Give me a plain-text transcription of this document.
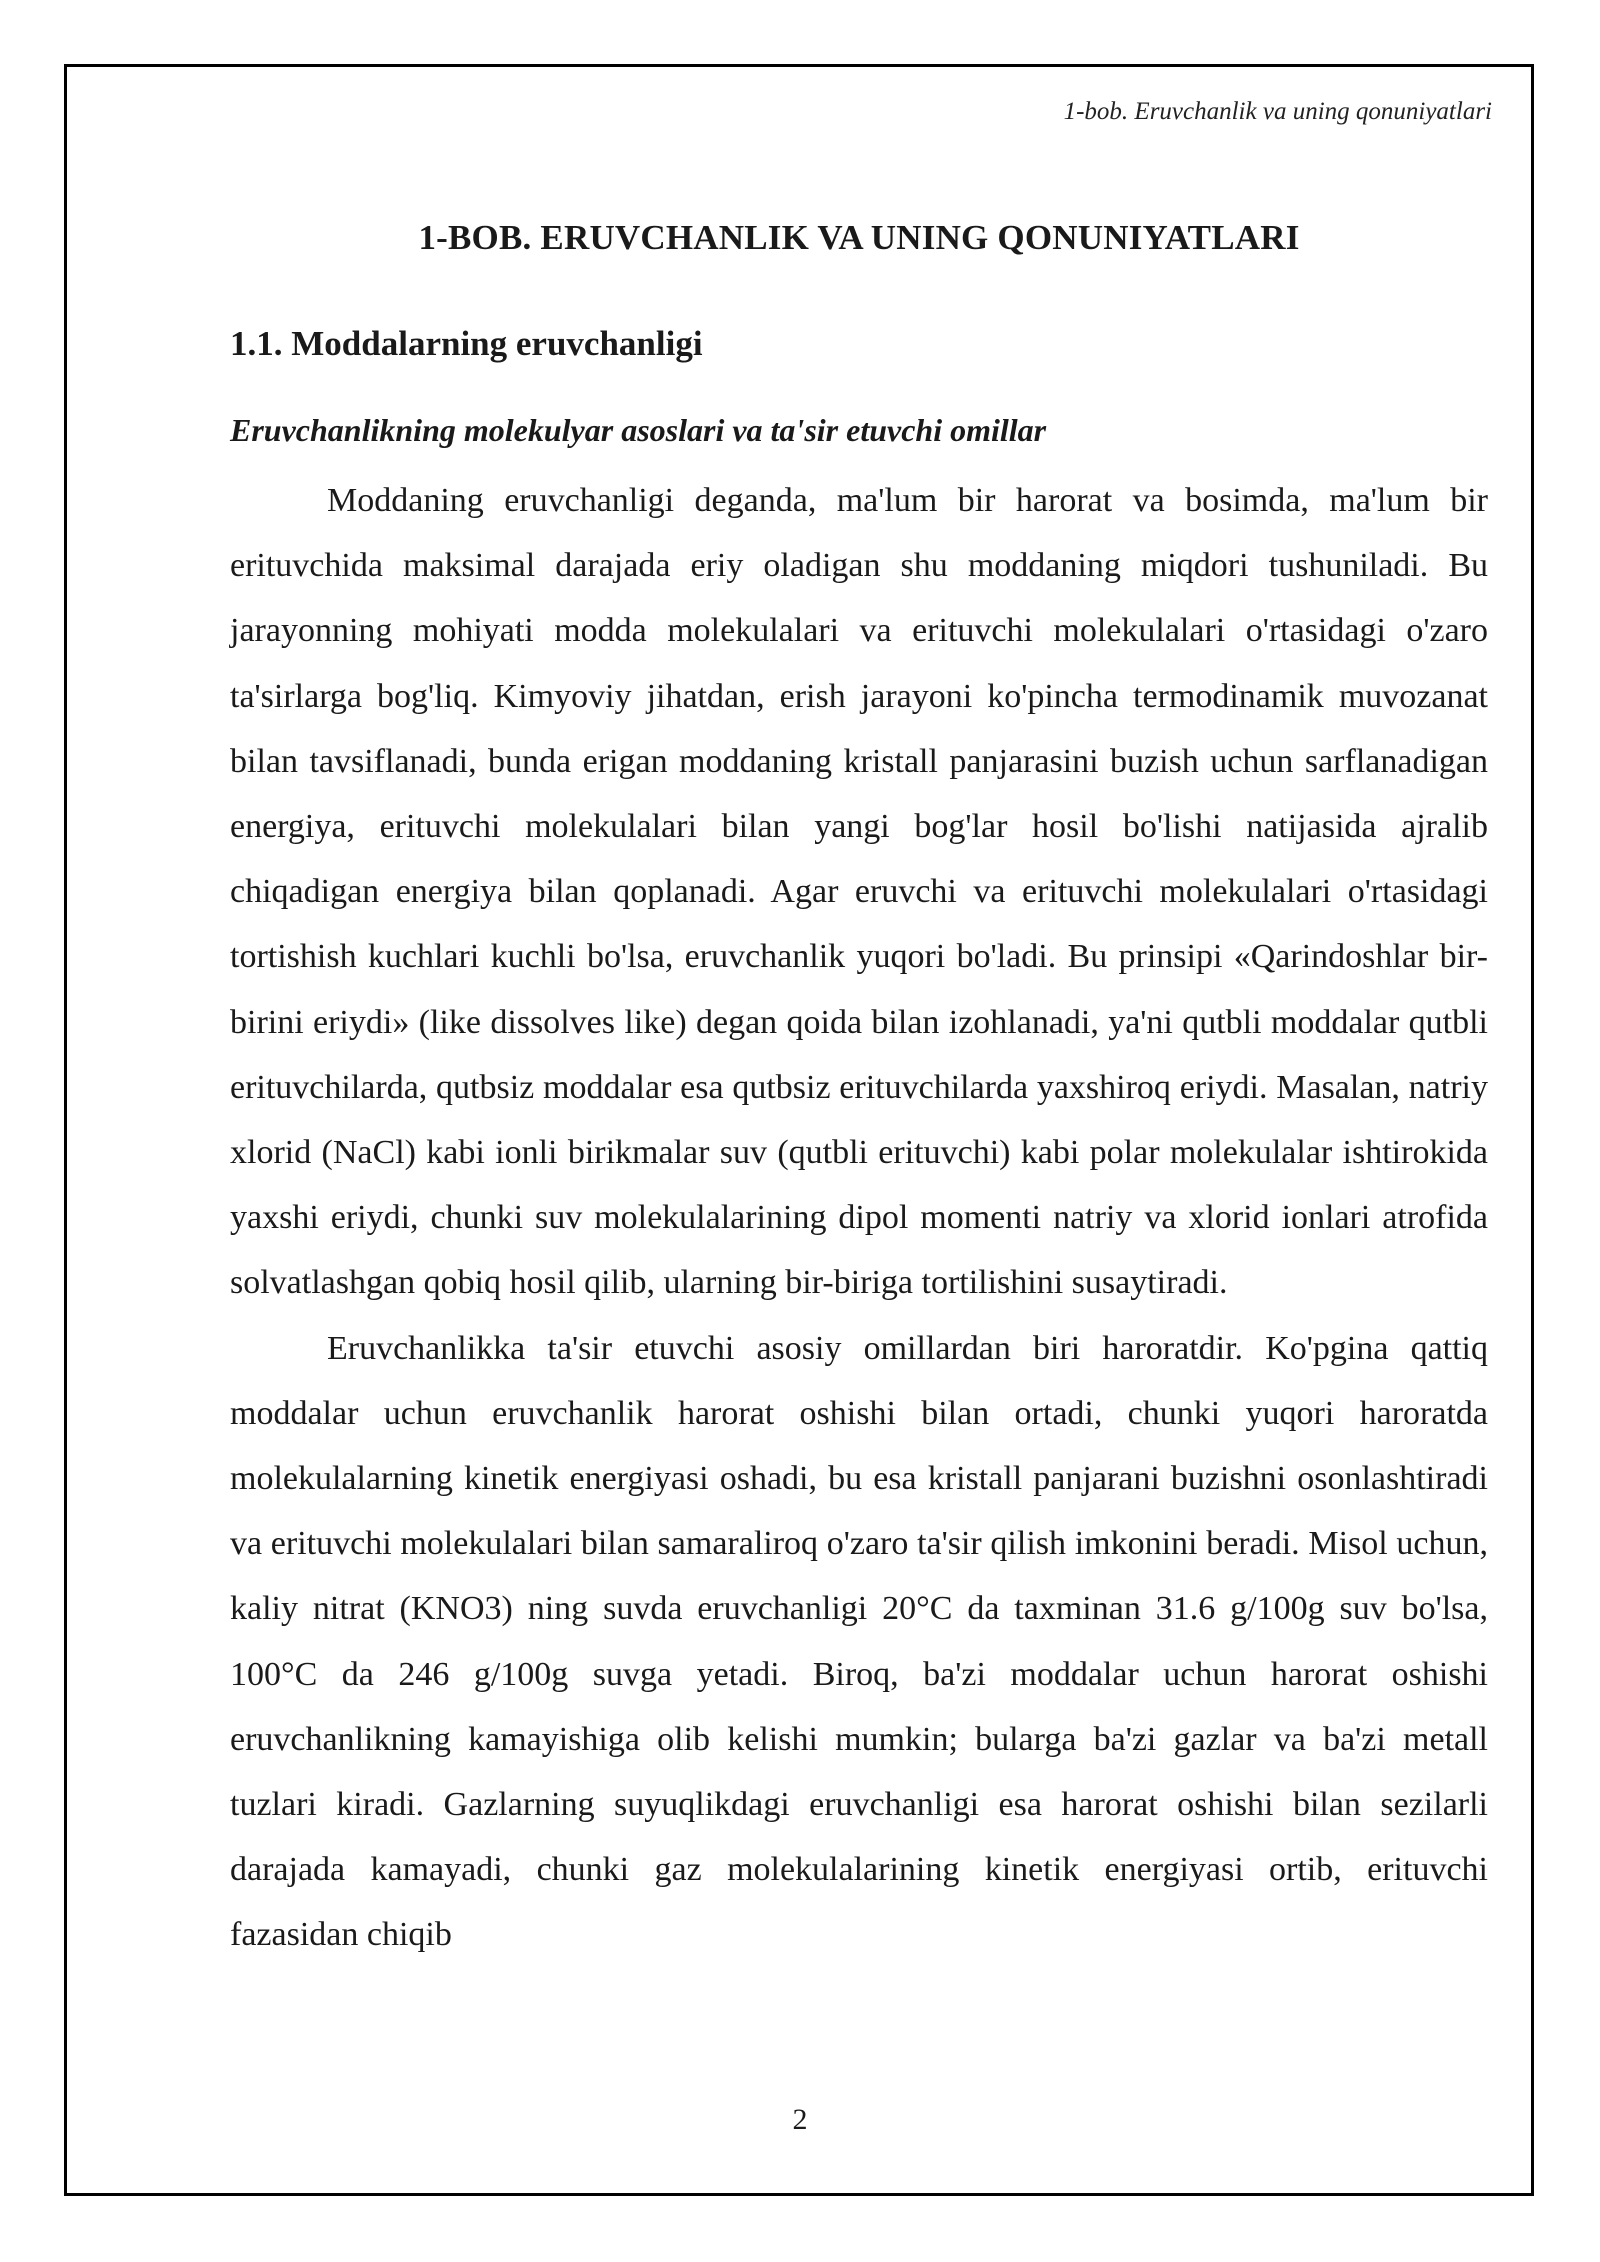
1-bob. Eruvchanlik va uning qonuniyatlari
1-BOB. ERUVCHANLIK VA UNING QONUNIYATLARI
1.1. Moddalarning eruvchanligi
Eruvchanlikning molekulyar asoslari va ta'sir etuvchi omillar

Moddaning eruvchanligi deganda, ma'lum bir harorat va bosimda, ma'lum bir erituvchida maksimal darajada eriy oladigan shu moddaning miqdori tushuniladi. Bu jarayonning mohiyati modda molekulalari va erituvchi molekulalari o'rtasidagi o'zaro ta'sirlarga bog'liq. Kimyoviy jihatdan, erish jarayoni ko'pincha termodinamik muvozanat bilan tavsiflanadi, bunda erigan moddaning kristall panjarasini buzish uchun sarflanadigan energiya, erituvchi molekulalari bilan yangi bog'lar hosil bo'lishi natijasida ajralib chiqadigan energiya bilan qoplanadi. Agar eruvchi va erituvchi molekulalari o'rtasidagi tortishish kuchlari kuchli bo'lsa, eruvchanlik yuqori bo'ladi. Bu prinsipi «Qarindoshlar bir-birini eriydi» (like dissolves like) degan qoida bilan izohlanadi, ya'ni qutbli moddalar qutbli erituvchilarda, qutbsiz moddalar esa qutbsiz erituvchilarda yaxshiroq eriydi. Masalan, natriy xlorid (NaCl) kabi ionli birikmalar suv (qutbli erituvchi) kabi polar molekulalar ishtirokida yaxshi eriydi, chunki suv molekulalarining dipol momenti natriy va xlorid ionlari atrofida solvatlashgan qobiq hosil qilib, ularning bir-biriga tortilishini susaytiradi.

Eruvchanlikka ta'sir etuvchi asosiy omillardan biri haroratdir. Ko'pgina qattiq moddalar uchun eruvchanlik harorat oshishi bilan ortadi, chunki yuqori haroratda molekulalarning kinetik energiyasi oshadi, bu esa kristall panjarani buzishni osonlashtiradi va erituvchi molekulalari bilan samaraliroq o'zaro ta'sir qilish imkonini beradi. Misol uchun, kaliy nitrat (KNO3) ning suvda eruvchanligi 20°C da taxminan 31.6 g/100g suv bo'lsa, 100°C da 246 g/100g suvga yetadi. Biroq, ba'zi moddalar uchun harorat oshishi eruvchanlikning kamayishiga olib kelishi mumkin; bularga ba'zi gazlar va ba'zi metall tuzlari kiradi. Gazlarning suyuqlikdagi eruvchanligi esa harorat oshishi bilan sezilarli darajada kamayadi, chunki gaz molekulalarining kinetik energiyasi ortib, erituvchi fazasidan chiqib

2
